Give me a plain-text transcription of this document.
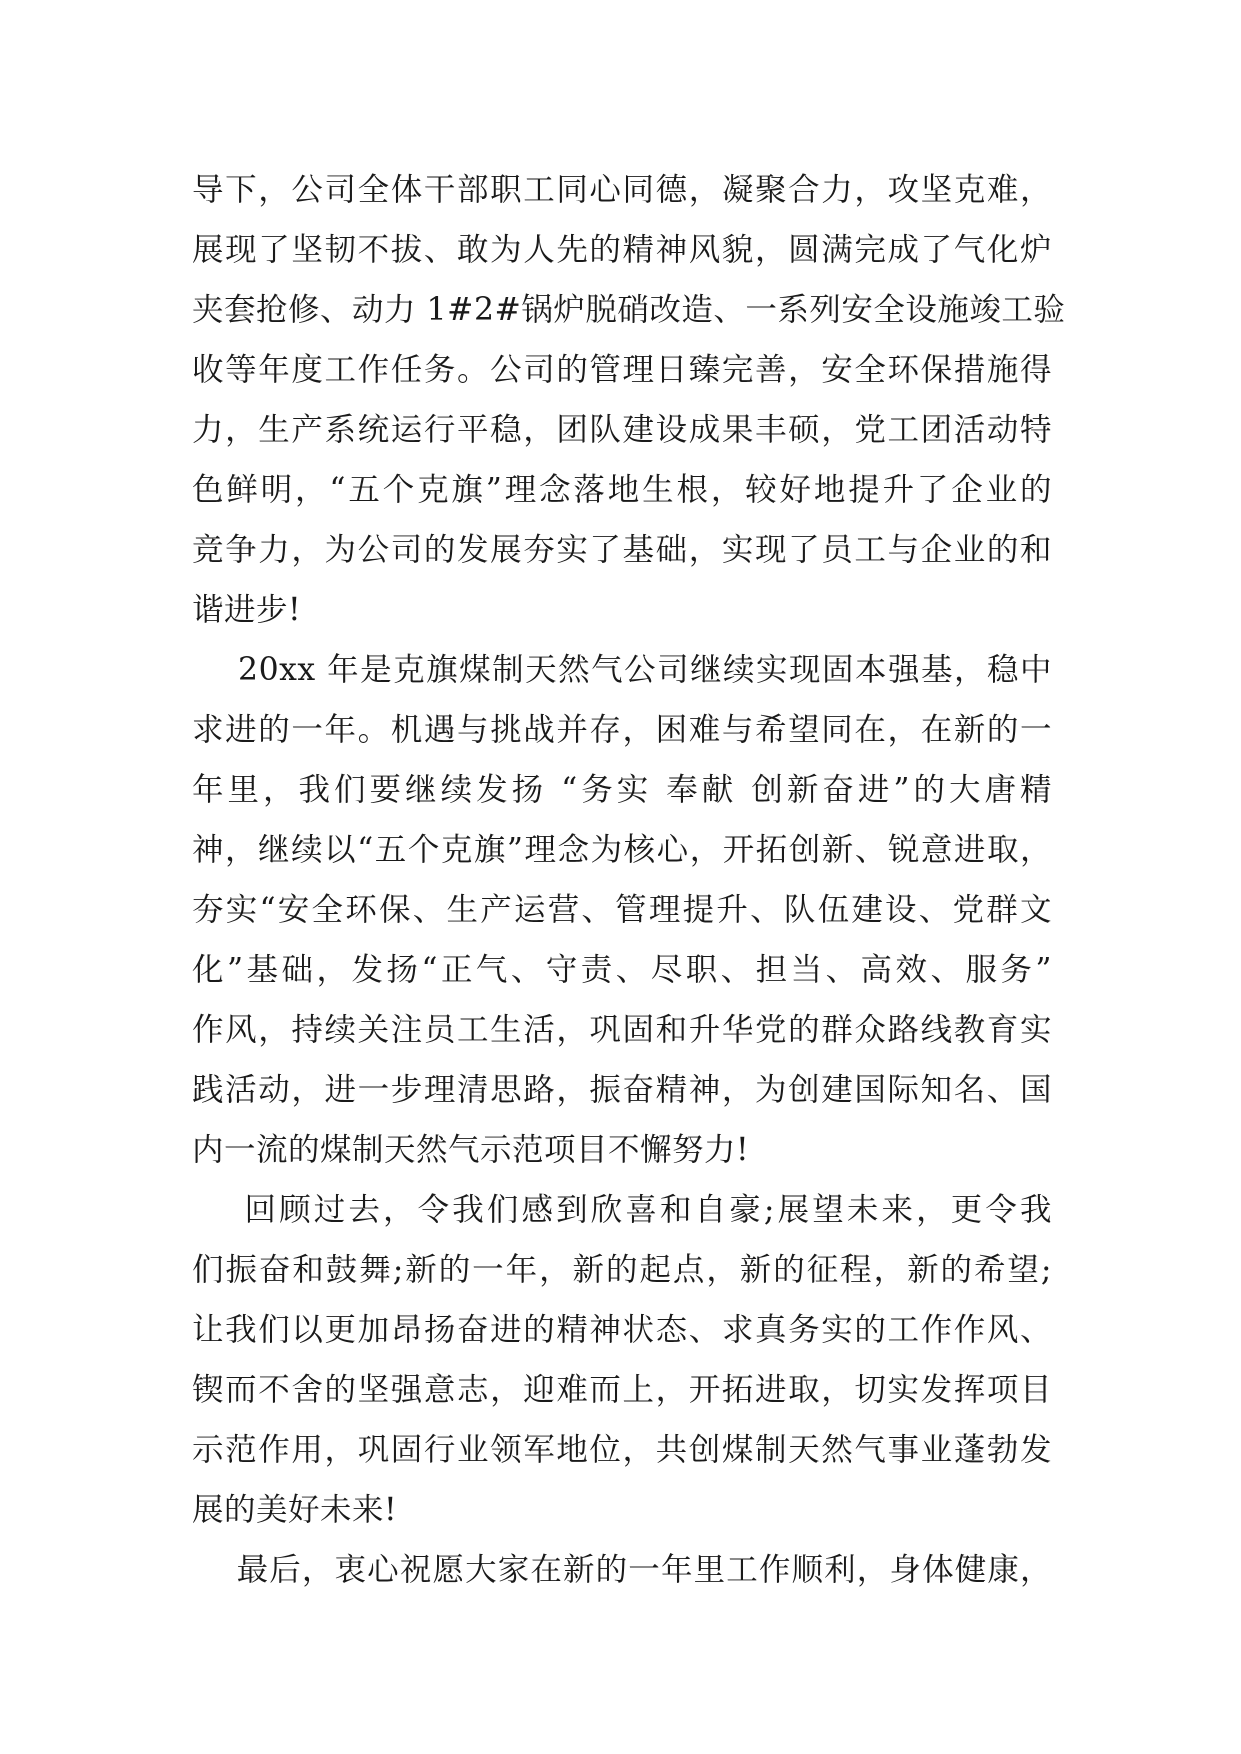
导下，公司全体干部职工同心同德，凝聚合力，攻坚克难，
展现了坚韧不拔、敢为人先的精神风貌，圆满完成了气化炉
夹套抢修、动力 1#2#锅炉脱硝改造、一系列安全设施竣工验
收等年度工作任务。公司的管理日臻完善，安全环保措施得
力，生产系统运行平稳，团队建设成果丰硕，党工团活动特
色鲜明，“五个克旗”理念落地生根，较好地提升了企业的
竞争力，为公司的发展夯实了基础，实现了员工与企业的和
谐进步!
20xx 年是克旗煤制天然气公司继续实现固本强基，稳中
求进的一年。机遇与挑战并存，困难与希望同在，在新的一
年里，我们要继续发扬 “务实 奉献 创新奋进”的大唐精
神，继续以“五个克旗”理念为核心，开拓创新、锐意进取，
夯实“安全环保、生产运营、管理提升、队伍建设、党群文
化”基础，发扬“正气、守责、尽职、担当、高效、服务”
作风，持续关注员工生活，巩固和升华党的群众路线教育实
践活动，进一步理清思路，振奋精神，为创建国际知名、国
内一流的煤制天然气示范项目不懈努力!
回顾过去，令我们感到欣喜和自豪;展望未来，更令我
们振奋和鼓舞;新的一年，新的起点，新的征程，新的希望;
让我们以更加昂扬奋进的精神状态、求真务实的工作作风、
锲而不舍的坚强意志，迎难而上，开拓进取，切实发挥项目
示范作用，巩固行业领军地位，共创煤制天然气事业蓬勃发
展的美好未来!
最后，衷心祝愿大家在新的一年里工作顺利，身体健康，
